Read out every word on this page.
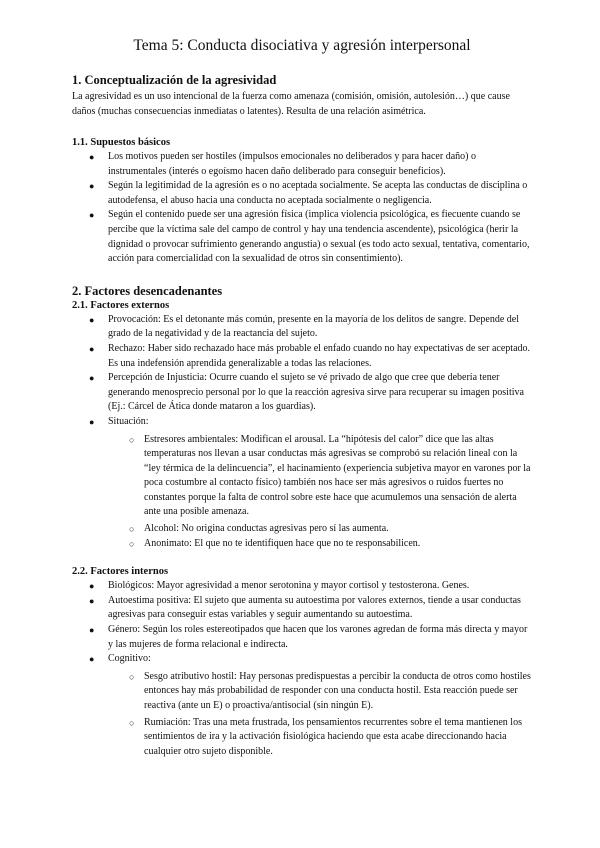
Tema 5: Conducta disociativa y agresión interpersonal
1. Conceptualización de la agresividad

La agresividad es un uso intencional de la fuerza como amenaza (comisión, omisión, autolesión…) que cause daños (muchas consecuencias inmediatas o latentes). Resulta de una relación asimétrica.

1.1. Supuestos básicos
● Los motivos pueden ser hostiles (impulsos emocionales no deliberados y para hacer daño) o instrumentales (interés o egoísmo hacen daño deliberado para conseguir beneficios).
● Según la legitimidad de la agresión es o no aceptada socialmente. Se acepta las conductas de disciplina o autodefensa, el abuso hacia una conducta no aceptada socialmente o negligencia.
● Según el contenido puede ser una agresión física (implica violencia psicológica, es fiecuente cuando se percibe que la víctima sale del campo de control y hay una tendencia ascendente), psicológica (herir la dignidad o provocar sufrimiento generando angustia) o sexual (es todo acto sexual, tentativa, comentario, acción para comercialidad con la sexualidad de otros sin consentimiento).
2. Factores desencadenantes
2.1. Factores externos
● Provocación: Es el detonante más común, presente en la mayoría de los delitos de sangre. Depende del grado de la negatividad y de la reactancia del sujeto.
● Rechazo: Haber sido rechazado hace más probable el enfado cuando no hay expectativas de ser aceptado. Es una indefensión aprendida generalizable a todas las relaciones.
● Percepción de Injusticia: Ocurre cuando el sujeto se vé privado de algo que cree que debería tener generando menosprecio personal por lo que la reacción agresiva sirve para recuperar su imagen positiva (Ej.: Cárcel de Ática donde mataron a los guardias).
● Situación:
○ Estresores ambientales: Modifican el arousal. La “hipótesis del calor” dice que las altas temperaturas nos llevan a usar conductas más agresivas se comprobó su relación lineal con la “ley térmica de la delincuencia”, el hacinamiento (experiencia subjetiva mayor en varones por la poca costumbre al contacto físico) también nos hace ser más agresivos o ruidos fuertes no constantes porque la falta de control sobre este hace que acumulemos una sensación de alerta ante una posible amenaza.
○ Alcohol: No origina conductas agresivas pero sí las aumenta.
○ Anonimato: El que no te identifiquen hace que no te responsabilicen.
2.2. Factores internos
● Biológicos: Mayor agresividad a menor serotonina y mayor cortisol y testosterona. Genes.
● Autoestima positiva: El sujeto que aumenta su autoestima por valores externos, tiende a usar conductas agresivas para conseguir estas variables y seguir aumentando su autoestima.
● Género: Según los roles estereotipados que hacen que los varones agredan de forma más directa y mayor y las mujeres de forma relacional e indirecta.
● Cognitivo:
○ Sesgo atributivo hostil: Hay personas predispuestas a percibir la conducta de otros como hostiles entonces hay más probabilidad de responder con una conducta hostil. Esta reacción puede ser reactiva (ante un E) o proactiva/antisocial (sin ningún E).
○ Rumiación: Tras una meta frustrada, los pensamientos recurrentes sobre el tema mantienen los sentimientos de ira y la activación fisiológica haciendo que esta acabe direccionando hacia cualquier otro sujeto disponible.
